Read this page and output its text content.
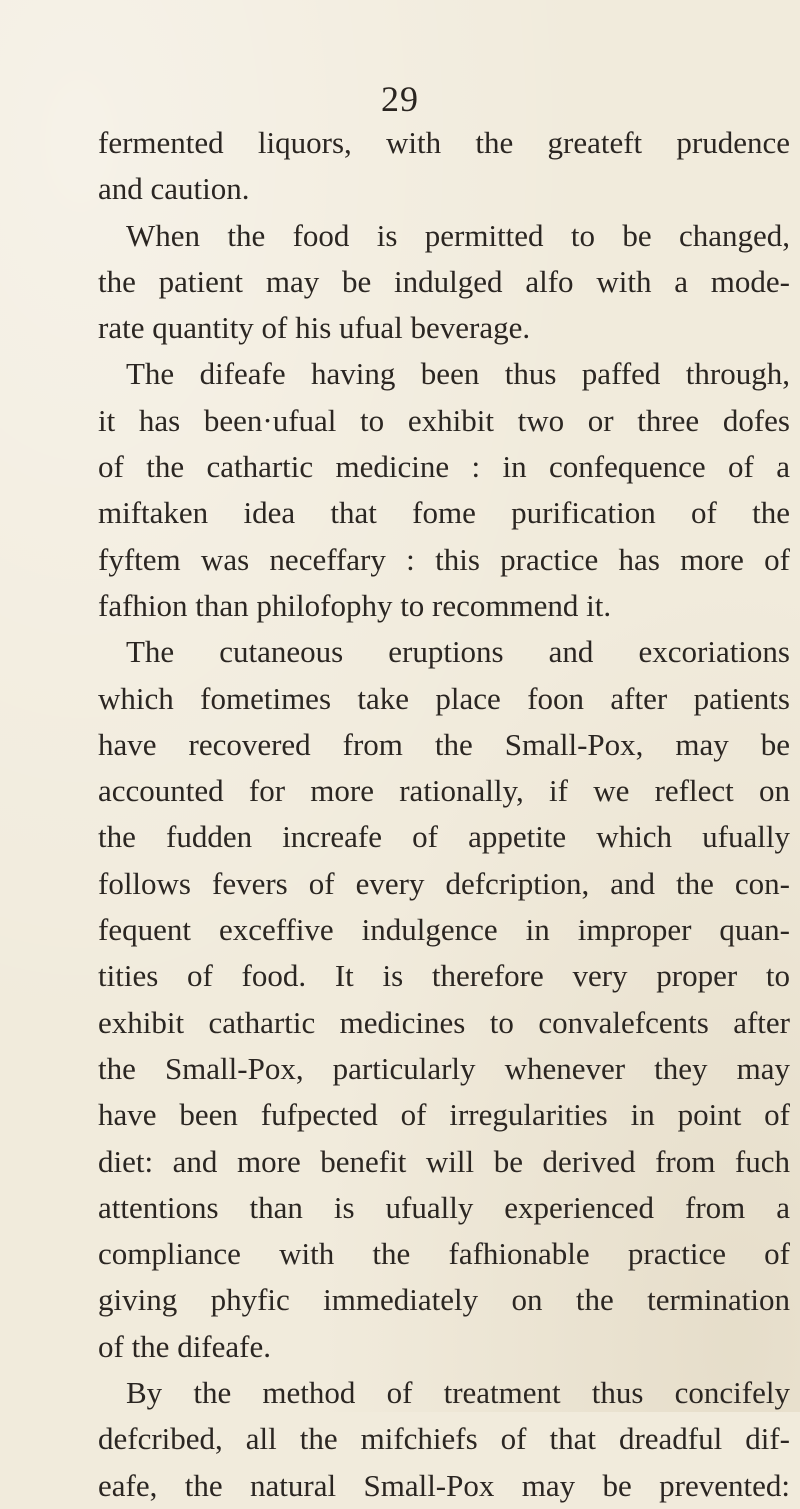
29
fermented liquors, with the greateft prudence
and caution.
When the food is permitted to be changed,
the patient may be indulged alfo with a mode-
rate quantity of his ufual beverage.
The difeafe having been thus paffed through,
it has been·ufual to exhibit two or three dofes
of the cathartic medicine : in confequence of a
miftaken idea that fome purification of the
fyftem was neceffary : this practice has more of
fafhion than philofophy to recommend it.
The cutaneous eruptions and excoriations
which fometimes take place foon after patients
have recovered from the Small-Pox, may be
accounted for more rationally, if we reflect on
the fudden increafe of appetite which ufually
follows fevers of every defcription, and the con-
fequent exceffive indulgence in improper quan-
tities of food. It is therefore very proper to
exhibit cathartic medicines to convalefcents after
the Small-Pox, particularly whenever they may
have been fufpected of irregularities in point of
diet: and more benefit will be derived from fuch
attentions than is ufually experienced from a
compliance with the fafhionable practice of
giving phyfic immediately on the termination
of the difeafe.
By the method of treatment thus concifely
defcribed, all the mifchiefs of that dreadful dif-
eafe, the natural Small-Pox may be prevented:
